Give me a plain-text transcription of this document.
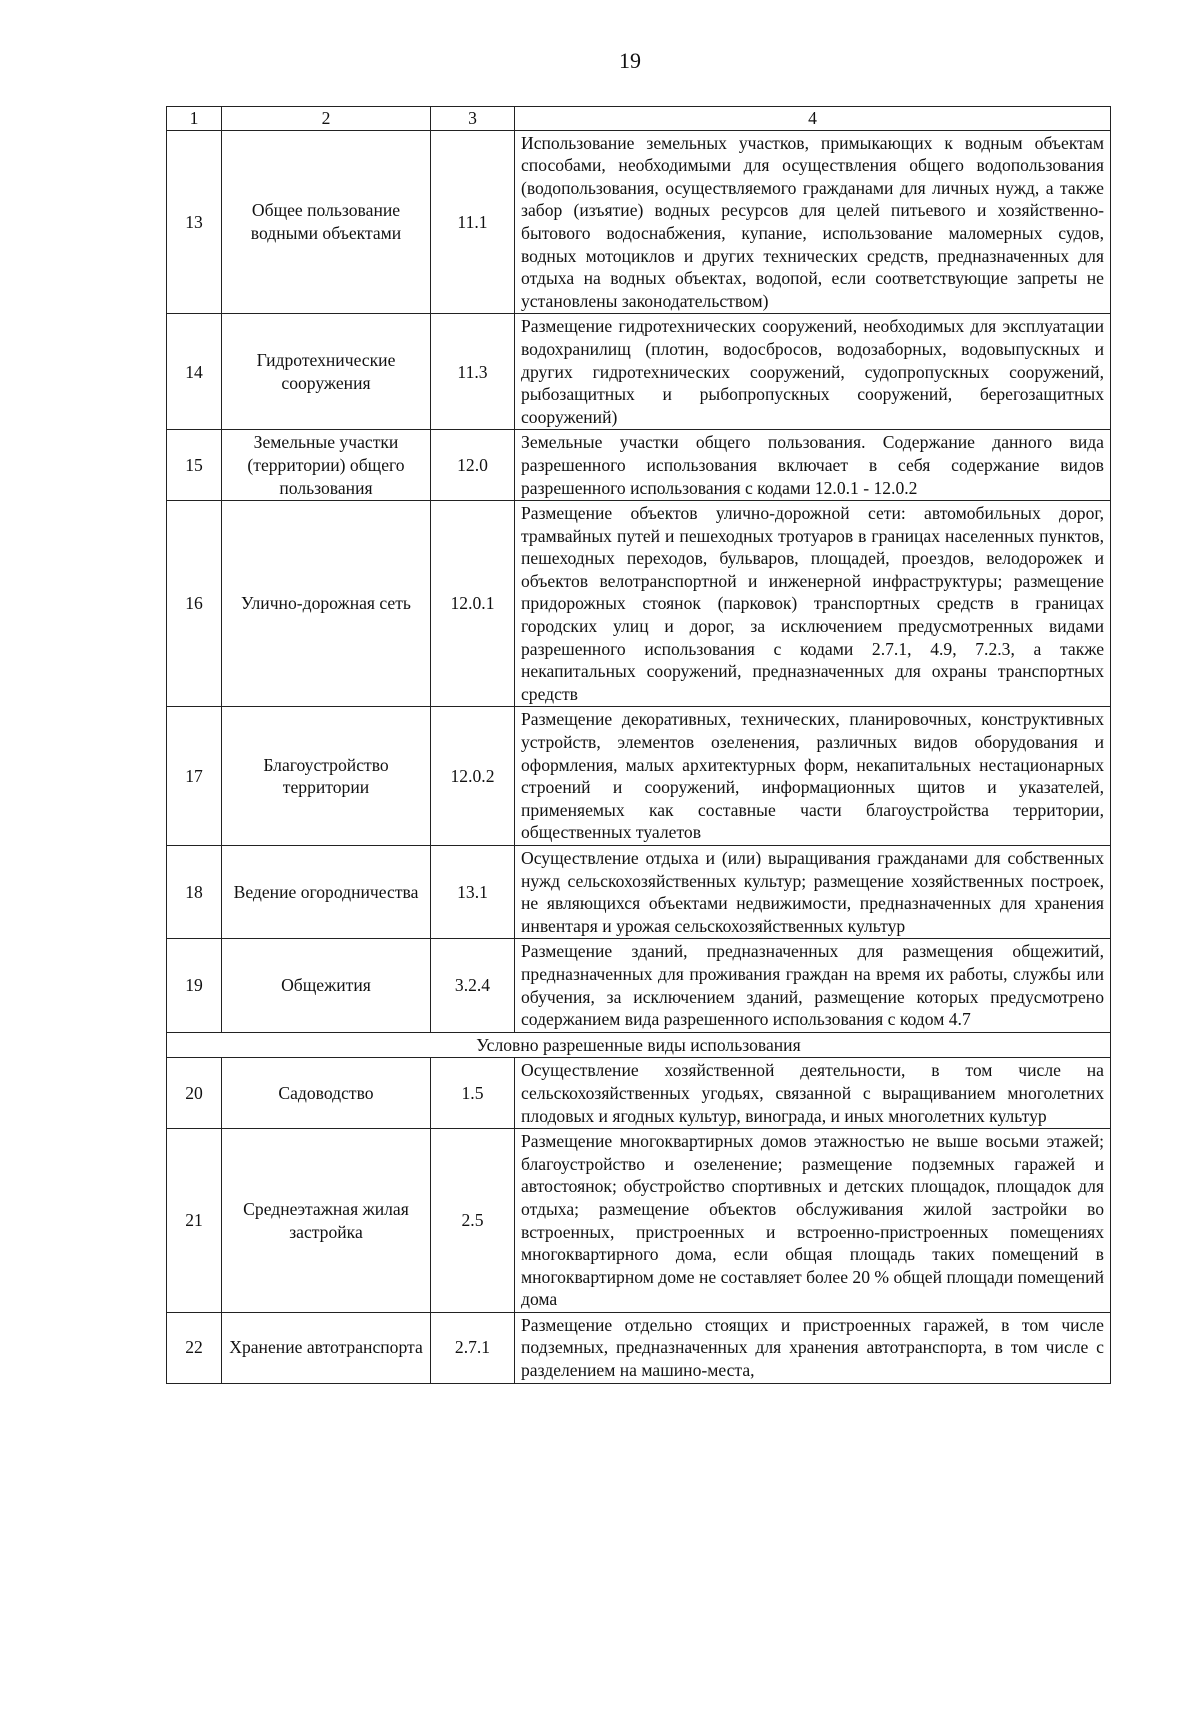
19
1	2	3	4
13	Общее пользование водными объектами	11.1	Использование земельных участков, примыкающих к водным объектам способами, необходимыми для осуществления общего водопользования (водопользования, осуществляемого гражданами для личных нужд, а также забор (изъятие) водных ресурсов для целей питьевого и хозяйственно-бытового водоснабжения, купание, использование маломерных судов, водных мотоциклов и других технических средств, предназначенных для отдыха на водных объектах, водопой, если соответствующие запреты не установлены законодательством)
14	Гидротехнические сооружения	11.3	Размещение гидротехнических сооружений, необходимых для эксплуатации водохранилищ (плотин, водосбросов, водозаборных, водовыпускных и других гидротехнических сооружений, судопропускных сооружений, рыбозащитных и рыбопропускных сооружений, берегозащитных сооружений)
15	Земельные участки (территории) общего пользования	12.0	Земельные участки общего пользования. Содержание данного вида разрешенного использования включает в себя содержание видов разрешенного использования с кодами 12.0.1 - 12.0.2
16	Улично-дорожная сеть	12.0.1	Размещение объектов улично-дорожной сети: автомобильных дорог, трамвайных путей и пешеходных тротуаров в границах населенных пунктов, пешеходных переходов, бульваров, площадей, проездов, велодорожек и объектов велотранспортной и инженерной инфраструктуры; размещение придорожных стоянок (парковок) транспортных средств в границах городских улиц и дорог, за исключением предусмотренных видами разрешенного использования с кодами 2.7.1, 4.9, 7.2.3, а также некапитальных сооружений, предназначенных для охраны транспортных средств
17	Благоустройство территории	12.0.2	Размещение декоративных, технических, планировочных, конструктивных устройств, элементов озеленения, различных видов оборудования и оформления, малых архитектурных форм, некапитальных нестационарных строений и сооружений, информационных щитов и указателей, применяемых как составные части благоустройства территории, общественных туалетов
18	Ведение огородничества	13.1	Осуществление отдыха и (или) выращивания гражданами для собственных нужд сельскохозяйственных культур; размещение хозяйственных построек, не являющихся объектами недвижимости, предназначенных для хранения инвентаря и урожая сельскохозяйственных культур
19	Общежития	3.2.4	Размещение зданий, предназначенных для размещения общежитий, предназначенных для проживания граждан на время их работы, службы или обучения, за исключением зданий, размещение которых предусмотрено содержанием вида разрешенного использования с кодом 4.7
Условно разрешенные виды использования			
20	Садоводство	1.5	Осуществление хозяйственной деятельности, в том числе на сельскохозяйственных угодьях, связанной с выращиванием многолетних плодовых и ягодных культур, винограда, и иных многолетних культур
21	Среднеэтажная жилая застройка	2.5	Размещение многоквартирных домов этажностью не выше восьми этажей; благоустройство и озеленение; размещение подземных гаражей и автостоянок; обустройство спортивных и детских площадок, площадок для отдыха; размещение объектов обслуживания жилой застройки во встроенных, пристроенных и встроенно-пристроенных помещениях многоквартирного дома, если общая площадь таких помещений в многоквартирном доме не составляет более 20 % общей площади помещений дома
22	Хранение автотранспорта	2.7.1	Размещение отдельно стоящих и пристроенных гаражей, в том числе подземных, предназначенных для хранения автотранспорта, в том числе с разделением на машино-места,
